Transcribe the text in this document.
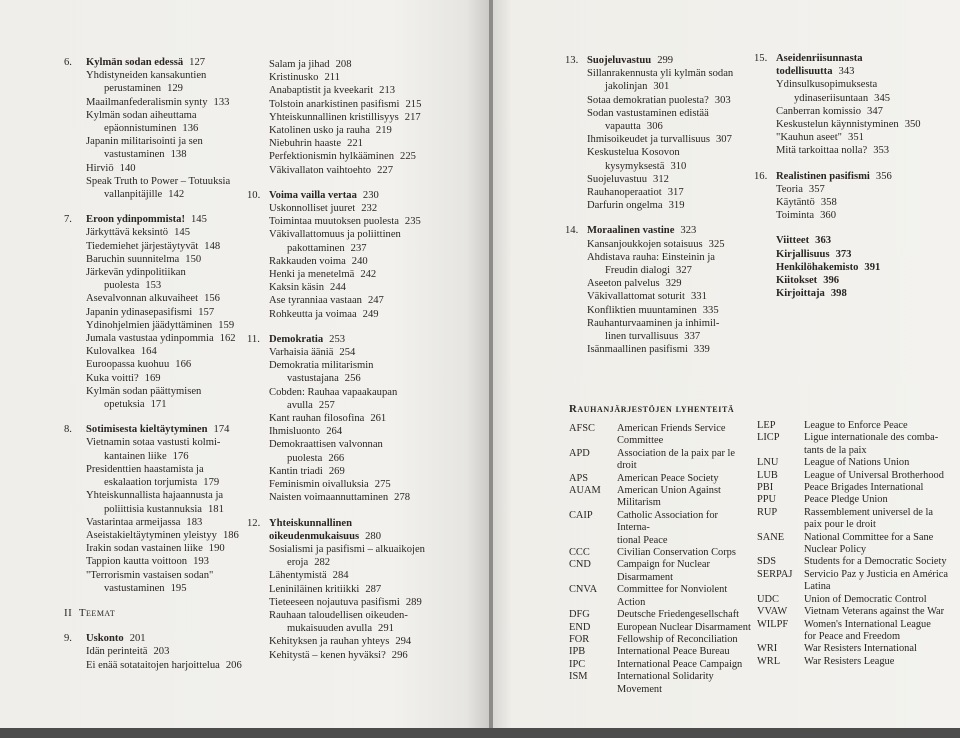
6. Kylmän sodan edessä 127
Yhdistyneiden kansakuntien
perustaminen 129
Maailmanfederalismin synty 133
Kylmän sodan aiheuttama
epäonnistuminen 136
Japanin militarisointi ja sen
vastustaminen 138
Hirviö 140
Speak Truth to Power – Totuuksia
vallanpitäjille 142
7. Eroon ydinpommista! 145
Järkyttävä keksintö 145
Tiedemiehet järjestäytyvät 148
Baruchin suunnitelma 150
Järkevän ydinpolitiikan
puolesta 153
Asevalvonnan alkuvaiheet 156
Japanin ydinasepasifismi 157
Ydinohjelmien jäädyttäminen 159
Jumala vastustaa ydinpommia 162
Kulovalkea 164
Euroopassa kuohuu 166
Kuka voitti? 169
Kylmän sodan päättymisen
opetuksia 171
8. Sotimisesta kieltäytyminen 174
Vietnamin sotaa vastusti kolmi-
kantainen liike 176
Presidenttien haastamista ja
eskalaation torjumista 179
Yhteiskunnallista hajaannusta ja
poliittisia kustannuksia 181
Vastarintaa armeijassa 183
Aseistakieltäytyminen yleistyy 186
Irakin sodan vastainen liike 190
Tappion kautta voittoon 193
"Terrorismin vastaisen sodan"
vastustaminen 195
II Teemat
9. Uskonto 201
Idän perinteitä 203
Ei enää sotataitojen harjoittelua 206
Salam ja jihad 208
Kristinusko 211
Anabaptistit ja kveekarit 213
Tolstoin anarkistinen pasifismi 215
Yhteiskunnallinen kristillisyys 217
Katolinen usko ja rauha 219
Niebuhrin haaste 221
Perfektionismin hylkääminen 225
Väkivallaton vaihtoehto 227
10. Voima vailla vertaa 230
Uskonnolliset juuret 232
Toimintaa muutoksen puolesta 235
Väkivallattomuus ja poliittinen
pakottaminen 237
Rakkauden voima 240
Henki ja menetelmä 242
Kaksin käsin 244
Ase tyranniaa vastaan 247
Rohkeutta ja voimaa 249
11. Demokratia 253
Varhaisia ääniä 254
Demokratia militarismin
vastustajana 256
Cobden: Rauhaa vapaakaupan
avulla 257
Kant rauhan filosofina 261
Ihmisluonto 264
Demokraattisen valvonnan
puolesta 266
Kantin triadi 269
Feminismin oivalluksia 275
Naisten voimaannuttaminen 278
12. Yhteiskunnallinen
oikeudenmukaisuus 280
Sosialismi ja pasifismi – alkuaikojen
eroja 282
Lähentymistä 284
Leniniläinen kritiikki 287
Tieteeseen nojautuva pasifismi 289
Rauhaan taloudellisen oikeuden-
mukaisuuden avulla 291
Kehityksen ja rauhan yhteys 294
Kehitystä – kenen hyväksi? 296
13. Suojeluvastuu 299
Sillanrakennusta yli kylmän sodan
jakolinjan 301
Sotaa demokratian puolesta? 303
Sodan vastustaminen edistää
vapautta 306
Ihmisoikeudet ja turvallisuus 307
Keskustelua Kosovon
kysymyksestä 310
Suojeluvastuu 312
Rauhanoperaatiot 317
Darfurin ongelma 319
14. Moraalinen vastine 323
Kansanjoukkojen sotaisuus 325
Ahdistava rauha: Einsteinin ja
Freudin dialogi 327
Aseeton palvelus 329
Väkivallattomat soturit 331
Konfliktien muuntaminen 335
Rauhanturvaaminen ja inhimil-
linen turvallisuus 337
Isänmaallinen pasifismi 339
15. Aseidenriisunnasta
todellisuutta 343
Ydinsulkusopimuksesta
ydinaseriisuntaan 345
Canberran komissio 347
Keskustelun käynnistyminen 350
"Kauhun aseet" 351
Mitä tarkoittaa nolla? 353
16. Realistinen pasifismi 356
Teoria 357
Käytäntö 358
Toiminta 360
Viitteet 363
Kirjallisuus 373
Henkilöhakemisto 391
Kiitokset 396
Kirjoittaja 398
Rauhanjärjestöjen lyhenteitä
AFSC	American Friends Service
Committee
APD	Association de la paix par le droit
APS	American Peace Society
AUAM	American Union Against
Militarism
CAIP	Catholic Association for Interna-
tional Peace
CCC	Civilian Conservation Corps
CND	Campaign for Nuclear
Disarmament
CNVA	Committee for Nonviolent
Action
DFG	Deutsche Friedengesellschaft
END	European Nuclear Disarmament
FOR	Fellowship of Reconciliation
IPB	International Peace Bureau
IPC	International Peace Campaign
ISM	International Solidarity
Movement
LEP	League to Enforce Peace
LICP	Ligue internationale des comba-
tants de la paix
LNU	League of Nations Union
LUB	League of Universal Brotherhood
PBI	Peace Brigades International
PPU	Peace Pledge Union
RUP	Rassemblement universel de la
paix pour le droit
SANE	National Committee for a Sane
Nuclear Policy
SDS	Students for a Democratic Society
SERPAJ	Servicio Paz y Justicia en América
Latina
UDC	Union of Democratic Control
VVAW	Vietnam Veterans against the War
WILPF	Women's International League
for Peace and Freedom
WRI	War Resisters International
WRL	War Resisters League
